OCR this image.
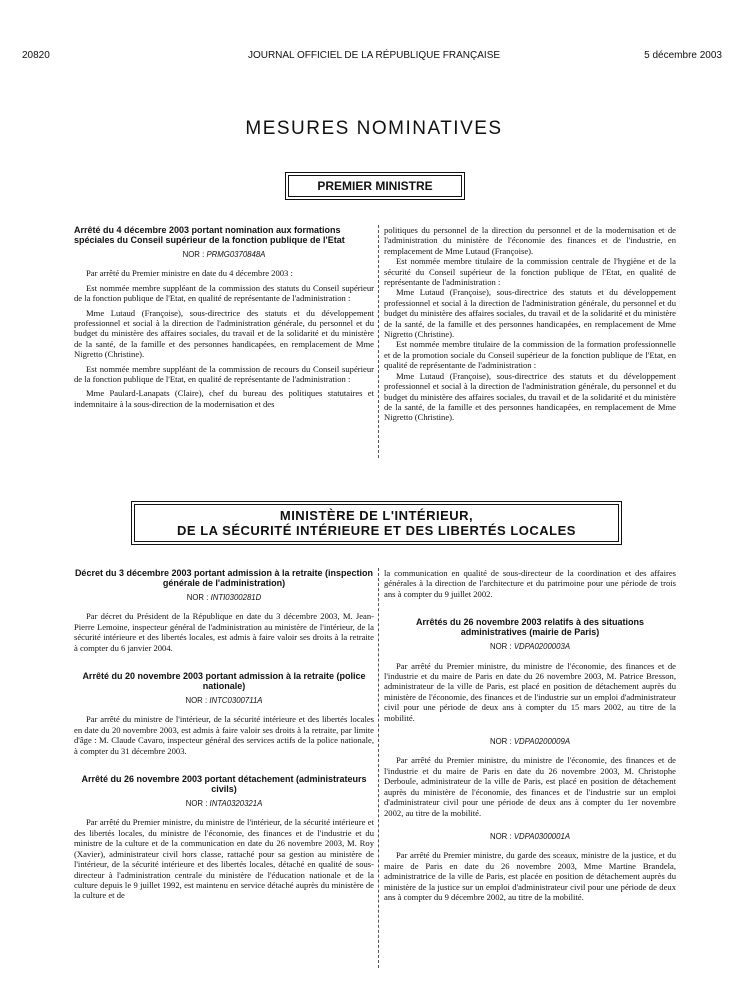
20820	JOURNAL OFFICIEL DE LA RÉPUBLIQUE FRANÇAISE	5 décembre 2003
MESURES NOMINATIVES
PREMIER MINISTRE
Arrêté du 4 décembre 2003 portant nomination aux formations spéciales du Conseil supérieur de la fonction publique de l'Etat
NOR : PRMG0370848A

Par arrêté du Premier ministre en date du 4 décembre 2003 :

Est nommée membre suppléant de la commission des statuts du Conseil supérieur de la fonction publique de l'Etat, en qualité de représentante de l'administration :

Mme Lutaud (Françoise), sous-directrice des statuts et du développement professionnel et social à la direction de l'administration générale, du personnel et du budget du ministère des affaires sociales, du travail et de la solidarité et du ministère de la santé, de la famille et des personnes handicapées, en remplacement de Mme Nigretto (Christine).

Est nommée membre suppléant de la commission de recours du Conseil supérieur de la fonction publique de l'Etat, en qualité de représentante de l'administration :

Mme Paulard-Lanapats (Claire), chef du bureau des politiques statutaires et indemnitaire à la sous-direction de la modernisation et des

politiques du personnel de la direction du personnel et de la modernisation et de l'administration du ministère de l'économie des finances et de l'industrie, en remplacement de Mme Lutaud (Françoise).

Est nommée membre titulaire de la commission centrale de l'hygiène et de la sécurité du Conseil supérieur de la fonction publique de l'Etat, en qualité de représentante de l'administration :

Mme Lutaud (Françoise), sous-directrice des statuts et du développement professionnel et social à la direction de l'administration générale, du personnel et du budget du ministère des affaires sociales, du travail et de la solidarité et du ministère de la santé, de la famille et des personnes handicapées, en remplacement de Mme Nigretto (Christine).

Est nommée membre titulaire de la commission de la formation professionnelle et de la promotion sociale du Conseil supérieur de la fonction publique de l'Etat, en qualité de représentante de l'administration :

Mme Lutaud (Françoise), sous-directrice des statuts et du développement professionnel et social à la direction de l'administration générale, du personnel et du budget du ministère des affaires sociales, du travail et de la solidarité et du ministère de la santé, de la famille et des personnes handicapées, en remplacement de Mme Nigretto (Christine).

MINISTÈRE DE L'INTÉRIEUR,
DE LA SÉCURITÉ INTÉRIEURE ET DES LIBERTÉS LOCALES
Décret du 3 décembre 2003 portant admission à la retraite (inspection générale de l'administration)
NOR : INTI0300281D

Par décret du Président de la République en date du 3 décembre 2003, M. Jean-Pierre Lemoine, inspecteur général de l'administration au ministère de l'intérieur, de la sécurité intérieure et des libertés locales, est admis à faire valoir ses droits à la retraite à compter du 6 janvier 2004.

Arrêté du 20 novembre 2003 portant admission à la retraite (police nationale)
NOR : INTC0300711A

Par arrêté du ministre de l'intérieur, de la sécurité intérieure et des libertés locales en date du 20 novembre 2003, est admis à faire valoir ses droits à la retraite, par limite d'âge : M. Claude Cavaro, inspecteur général des services actifs de la police nationale, à compter du 31 décembre 2003.

Arrêté du 26 novembre 2003 portant détachement (administrateurs civils)
NOR : INTA0320321A

Par arrêté du Premier ministre, du ministre de l'intérieur, de la sécurité intérieure et des libertés locales, du ministre de l'économie, des finances et de l'industrie et du ministre de la culture et de la communication en date du 26 novembre 2003, M. Roy (Xavier), administrateur civil hors classe, rattaché pour sa gestion au ministère de l'intérieur, de la sécurité intérieure et des libertés locales, détaché en qualité de sous-directeur à l'administration centrale du ministère de l'éducation nationale et de la culture depuis le 9 juillet 1992, est maintenu en service détaché auprès du ministère de la culture et de

la communication en qualité de sous-directeur de la coordination et des affaires générales à la direction de l'architecture et du patrimoine pour une période de trois ans à compter du 9 juillet 2002.

Arrêtés du 26 novembre 2003 relatifs à des situations administratives (mairie de Paris)
NOR : VDPA0200003A

Par arrêté du Premier ministre, du ministre de l'économie, des finances et de l'industrie et du maire de Paris en date du 26 novembre 2003, M. Patrice Bresson, administrateur de la ville de Paris, est placé en position de détachement auprès du ministère de l'économie, des finances et de l'industrie sur un emploi d'administrateur civil pour une période de deux ans à compter du 15 mars 2002, au titre de la mobilité.

NOR : VDPA0200009A

Par arrêté du Premier ministre, du ministre de l'économie, des finances et de l'industrie et du maire de Paris en date du 26 novembre 2003, M. Christophe Derboule, administrateur de la ville de Paris, est placé en position de détachement auprès du ministère de l'économie, des finances et de l'industrie sur un emploi d'administrateur civil pour une période de deux ans à compter du 1er novembre 2002, au titre de la mobilité.

NOR : VDPA0300001A

Par arrêté du Premier ministre, du garde des sceaux, ministre de la justice, et du maire de Paris en date du 26 novembre 2003, Mme Martine Brandela, administratrice de la ville de Paris, est placée en position de détachement auprès du ministère de la justice sur un emploi d'administrateur civil pour une période de deux ans à compter du 9 décembre 2002, au titre de la mobilité.
